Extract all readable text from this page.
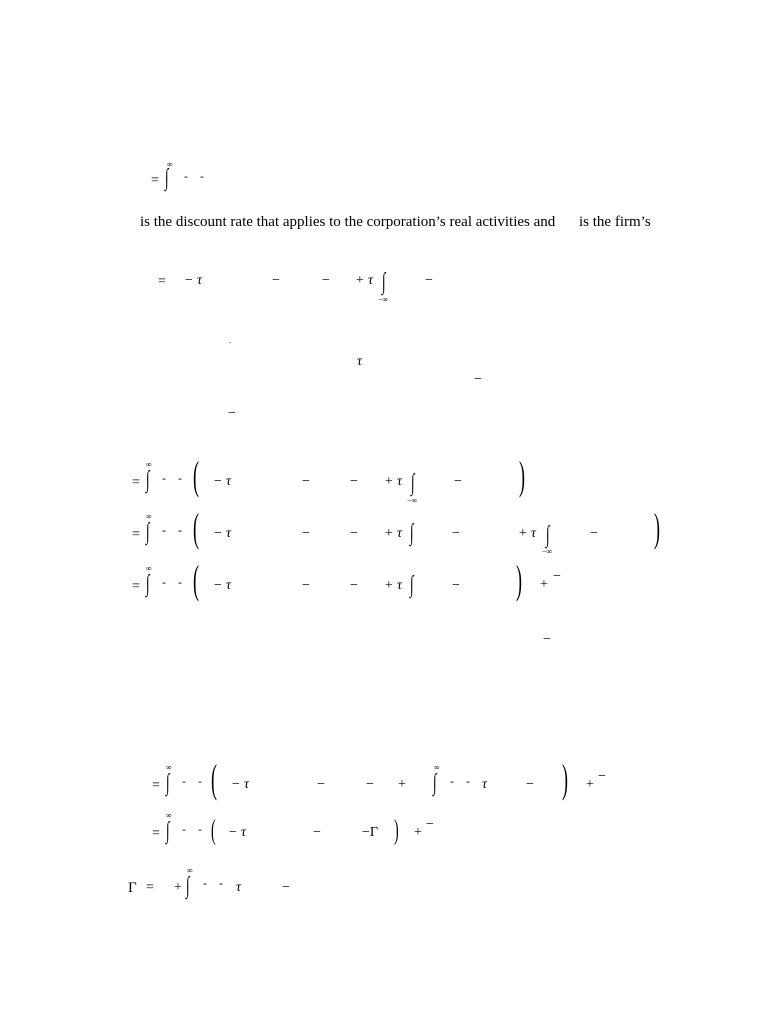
= ∫
∞
- -
is the discount rate that applies to the corporation’s real activities and is the firm’s
= − τ	−	− + τ ∫
−∞
−
.
τ
−
−
= ∫
∞
- - ( − τ	−	− + τ ∫
−∞
− )
= ∫
∞
- - ( − τ	−	− + τ ∫	−	+ τ ∫
−∞
− )
= ∫
∞
- - ( − τ	−	− + τ ∫	− ) +
−
−
= ∫
∞
- - ( − τ	−	− + ∫
∞
- - τ	− ) +
−
= ∫
∞
- - ( − τ	−	−Γ ) +
−
Γ = + ∫
∞
- - τ	−
